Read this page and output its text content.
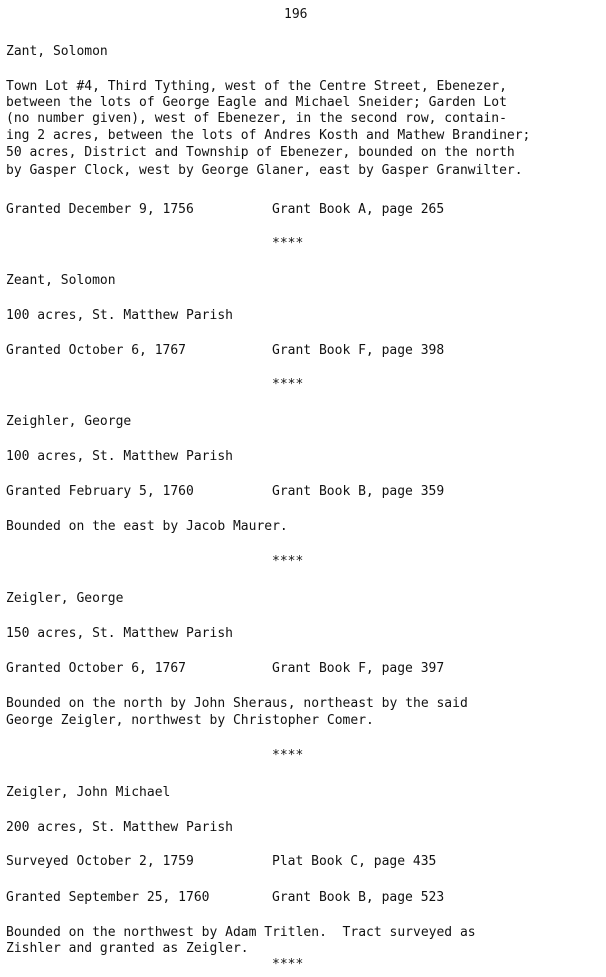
196
Zant, Solomon
Town Lot #4, Third Tything, west of the Centre Street, Ebenezer,
between the lots of George Eagle and Michael Sneider; Garden Lot
(no number given), west of Ebenezer, in the second row, contain-
ing 2 acres, between the lots of Andres Kosth and Mathew Brandiner;
50 acres, District and Township of Ebenezer, bounded on the north
by Gasper Clock, west by George Glaner, east by Gasper Granwilter.
Granted December 9, 1756	Grant Book A, page 265
****
Zeant, Solomon
100 acres, St. Matthew Parish
Granted October 6, 1767	Grant Book F, page 398
****
Zeighler, George
100 acres, St. Matthew Parish
Granted February 5, 1760	Grant Book B, page 359
Bounded on the east by Jacob Maurer.
****
Zeigler, George
150 acres, St. Matthew Parish
Granted October 6, 1767	Grant Book F, page 397
Bounded on the north by John Sheraus, northeast by the said
George Zeigler, northwest by Christopher Comer.
****
Zeigler, John Michael
200 acres, St. Matthew Parish
Surveyed October 2, 1759	Plat Book C, page 435
Granted September 25, 1760	Grant Book B, page 523
Bounded on the northwest by Adam Tritlen.  Tract surveyed as
Zishler and granted as Zeigler.
****
